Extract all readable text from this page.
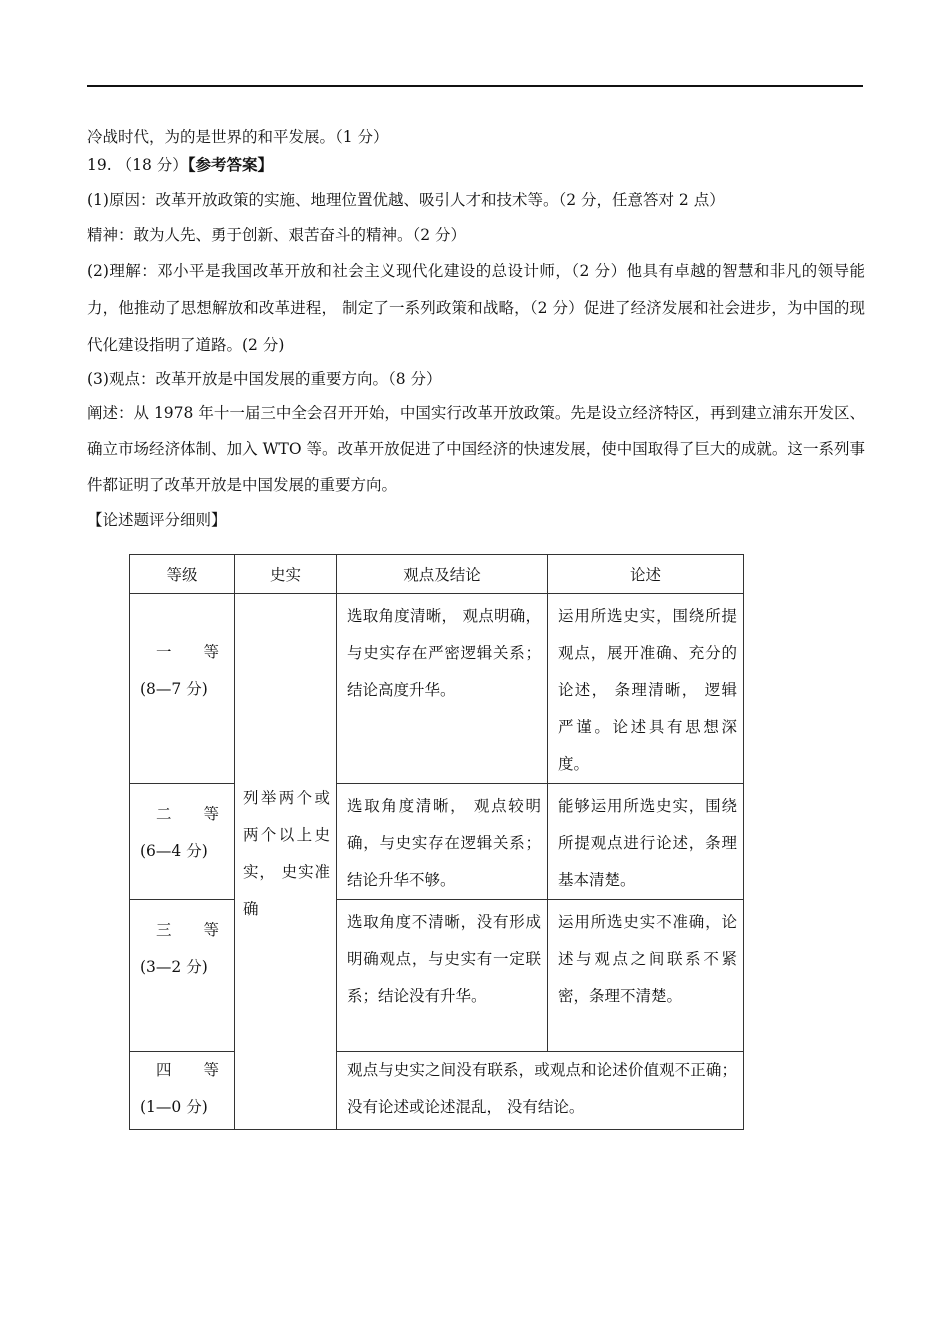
冷战时代，为的是世界的和平发展。（1 分）

19. （18 分）【参考答案】

(1)原因：改革开放政策的实施、地理位置优越、吸引人才和技术等。（2 分，任意答对 2 点）

精神：敢为人先、勇于创新、艰苦奋斗的精神。（2 分）

(2)理解：邓小平是我国改革开放和社会主义现代化建设的总设计师，（2 分）他具有卓越的智慧和非凡的领导能力，他推动了思想解放和改革进程， 制定了一系列政策和战略，（2 分）促进了经济发展和社会进步，为中国的现代化建设指明了道路。(2 分)

(3)观点：改革开放是中国发展的重要方向。（8 分）

阐述：从 1978 年十一届三中全会召开开始，中国实行改革开放政策。先是设立经济特区，再到建立浦东开发区、确立市场经济体制、加入 WTO 等。改革开放促进了中国经济的快速发展，使中国取得了巨大的成就。这一系列事件都证明了改革开放是中国发展的重要方向。

【论述题评分细则】

等级	史实	观点及结论	论述

一 等
(8—7 分)	列举两个或两个以上史实， 史实准 确	选取角度清晰， 观点明确， 与史实存在严密逻辑关系； 结论高度升华。	运用所选史实，围绕所提观点，展开准确、充分的论述， 条理清晰， 逻辑严谨。论述具有思想深度。

二 等
(6—4 分)		选取角度清晰， 观点较明确，与史实存在逻辑关系； 结论升华不够。	能够运用所选史实，围绕 所提观点进行论述，条理 基本清楚。

三 等
(3—2 分)		选取角度不清晰，没有形成 明确观点，与史实有一定联 系；结论没有升华。	运用所选史实不准确，论 述与观点之间联系不紧 密，条理不清楚。

四 等
(1—0 分)		观点与史实之间没有联系，或观点和论述价值观不正确；没有论述或论述混乱， 没有结论。	
